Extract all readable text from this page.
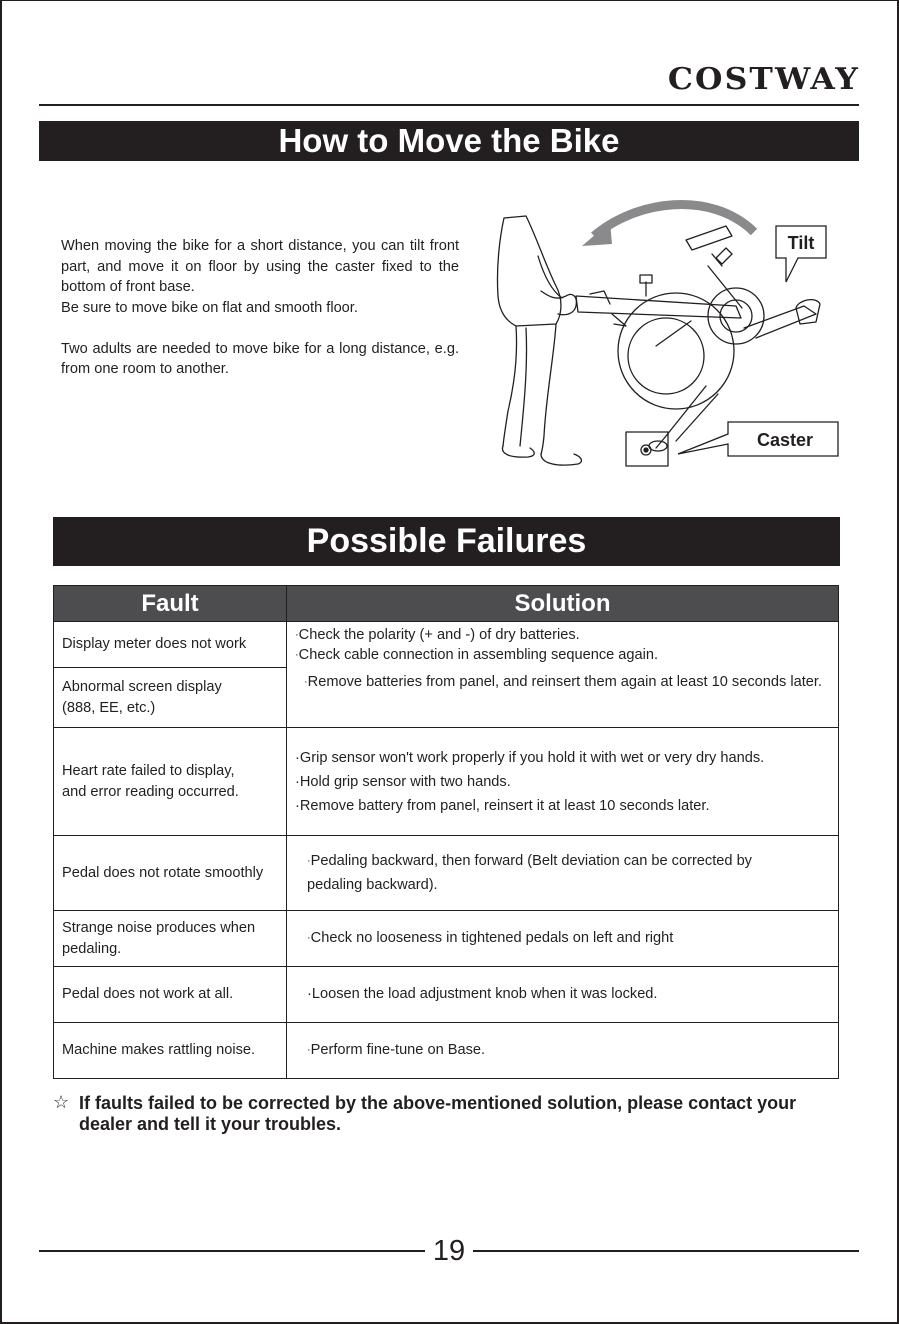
COSTWAY
How to Move the Bike

When moving the bike for a short distance, you can tilt front part, and move it on floor by using the caster fixed to the bottom of front base.

Be sure to move bike on flat and smooth floor.

Two adults are needed to move bike for a long distance, e.g. from one room to another.

Tilt
Caster
Possible Failures
Fault	Solution
Display meter does not work	·Check the polarity (+ and -) of dry batteries.
·Check cable connection in assembling sequence again.

Abnormal screen display (888, EE, etc.)	·Remove batteries from panel, and reinsert them again at least 10 seconds later.

Heart rate failed to display, and error reading occurred.	·Grip sensor won't work properly if you hold it with wet or very dry hands.
·Hold grip sensor with two hands.
·Remove battery from panel, reinsert it at least 10 seconds later.

Pedal does not rotate smoothly	·Pedaling backward, then forward (Belt deviation can be corrected by pedaling backward).

Strange noise produces when pedaling.	·Check no looseness in tightened pedals on left and right

Pedal does not work at all.	·Loosen the load adjustment knob when it was locked.

Machine makes rattling noise.	·Perform fine-tune on Base.
☆ If faults failed to be corrected by the above-mentioned solution, please contact your dealer and tell it your troubles.
19
